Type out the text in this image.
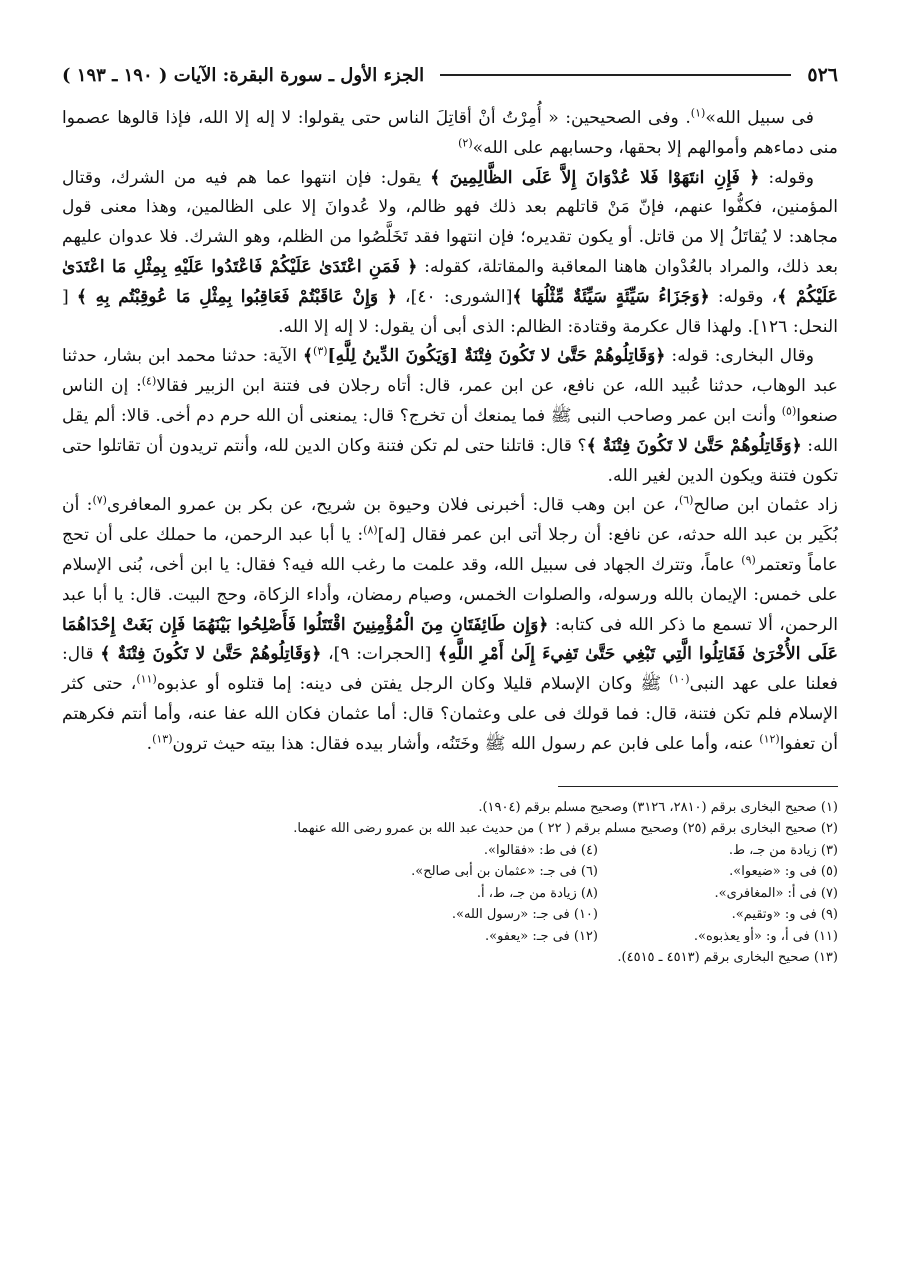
٥٢٦
الجزء الأول ـ سورة البقرة: الآيات ( ١٩٠ ـ ١٩٣ )

فى سبيل الله»$^{(١)}$. وفى الصحيحين: « أُمِرْتُ أنْ أقاتِلَ الناس حتى يقولوا: لا إله إلا الله، فإذا قالوها عصموا منى دماءهم وأموالهم إلا بحقها، وحسابهم على الله»$^{(٢)}$

وقوله: ﴿ فَإِنِ انتَهَوْا فَلا عُدْوَانَ إِلاَّ عَلَى الظَّالِمِينَ ﴾ يقول: فإن انتهوا عما هم فيه من الشرك، وقتال المؤمنين، فكفُّوا عنهم، فإنّ مَنْ قاتلهم بعد ذلك فهو ظالم، ولا عُدوانَ إلا على الظالمين، وهذا معنى قول مجاهد: لا يُقاتَلُ إلا من قاتل. أو يكون تقديره؛ فإن انتهوا فقد تَخَلَّصُوا من الظلم، وهو الشرك. فلا عدوان عليهم بعد ذلك، والمراد بالعُدْوان هاهنا المعاقبة والمقاتلة، كقوله: ﴿ فَمَنِ اعْتَدَىٰ عَلَيْكُمْ فَاعْتَدُوا عَلَيْهِ بِمِثْلِ مَا اعْتَدَىٰ عَلَيْكُمْ ﴾، وقوله: ﴿وَجَزَاءُ سَيِّئَةٍ سَيِّئَةٌ مِّثْلُهَا ﴾[الشورى: ٤٠]، ﴿ وَإِنْ عَاقَبْتُمْ فَعَاقِبُوا بِمِثْلِ مَا عُوقِبْتُم بِهِ ﴾ [ النحل: ١٢٦]. ولهذا قال عكرمة وقتادة: الظالم: الذى أبى أن يقول: لا إله إلا الله.

وقال البخارى: قوله: ﴿وَقَاتِلُوهُمْ حَتَّىٰ لا تَكُونَ فِتْنَةٌ [وَيَكُونَ الدِّينُ لِلَّهِ]$^{(٣)}$﴾ الآية: حدثنا محمد ابن بشار، حدثنا عبد الوهاب، حدثنا عُبيد الله، عن نافع، عن ابن عمر، قال: أتاه رجلان فى فتنة ابن الزبير فقالا$^{(٤)}$: إن الناس صنعوا$^{(٥)}$ وأنت ابن عمر وصاحب النبى ﷺ فما يمنعك أن تخرج؟ قال: يمنعنى أن الله حرم دم أخى. قالا: ألم يقل الله: ﴿وَقَاتِلُوهُمْ حَتَّىٰ لا تَكُونَ فِتْنَةٌ ﴾؟ قال: قاتلنا حتى لم تكن فتنة وكان الدين لله، وأنتم تريدون أن تقاتلوا حتى تكون فتنة ويكون الدين لغير الله.

زاد عثمان ابن صالح$^{(٦)}$، عن ابن وهب قال: أخبرنى فلان وحيوة بن شريح، عن بكر بن عمرو المعافرى$^{(٧)}$: أن بُكَير بن عبد الله حدثه، عن نافع: أن رجلا أتى ابن عمر فقال [له]$^{(٨)}$: يا أبا عبد الرحمن، ما حملك على أن تحج عاماً وتعتمر$^{(٩)}$ عاماً، وتترك الجهاد فى سبيل الله، وقد علمت ما رغب الله فيه؟ فقال: يا ابن أخى، بُنى الإسلام على خمس: الإيمان بالله ورسوله، والصلوات الخمس، وصيام رمضان، وأداء الزكاة، وحج البيت. قال: يا أبا عبد الرحمن، ألا تسمع ما ذكر الله فى كتابه: ﴿وَإِن طَائِفَتَانِ مِنَ الْمُؤْمِنِينَ اقْتَتَلُوا فَأَصْلِحُوا بَيْنَهُمَا فَإِن بَغَتْ إِحْدَاهُمَا عَلَى الأُخْرَىٰ فَقَاتِلُوا الَّتِي تَبْغِي حَتَّىٰ تَفِيءَ إِلَىٰ أَمْرِ اللَّهِ﴾ [الحجرات: ٩]، ﴿وَقَاتِلُوهُمْ حَتَّىٰ لا تَكُونَ فِتْنَةٌ ﴾ قال: فعلنا على عهد النبى$^{(١٠)}$ ﷺ وكان الإسلام قليلا وكان الرجل يفتن فى دينه: إما قتلوه أو عذبوه$^{(١١)}$، حتى كثر الإسلام فلم تكن فتنة، قال: فما قولك فى على وعثمان؟ قال: أما عثمان فكان الله عفا عنه، وأما أنتم فكرهتم أن تعفوا$^{(١٢)}$ عنه، وأما على فابن عم رسول الله ﷺ وخَتَنُه، وأشار بيده فقال: هذا بيته حيث ترون$^{(١٣)}$.

(١) صحيح البخارى برقم (٢٨١٠، ٣١٢٦) وصحيح مسلم برقم (١٩٠٤).

(٢) صحيح البخارى برقم (٢٥) وصحيح مسلم برقم ( ٢٢ ) من حديث عبد الله بن عمرو رضى الله عنهما.

(٣) زيادة من جـ، ط.

(٤) فى ط: «فقالوا».

(٥) فى و: «ضيعوا».

(٦) فى جـ: «عثمان بن أبى صالح».

(٧) فى أ: «المغافرى».

(٨) زيادة من جـ، ط، أ.

(٩) فى و: «وتقيم».

(١٠) فى جـ: «رسول الله».

(١١) فى أ، و: «أو يعذبوه».

(١٢) فى جـ: «يعفو».

(١٣) صحيح البخارى برقم (٤٥١٣ ـ ٤٥١٥).
